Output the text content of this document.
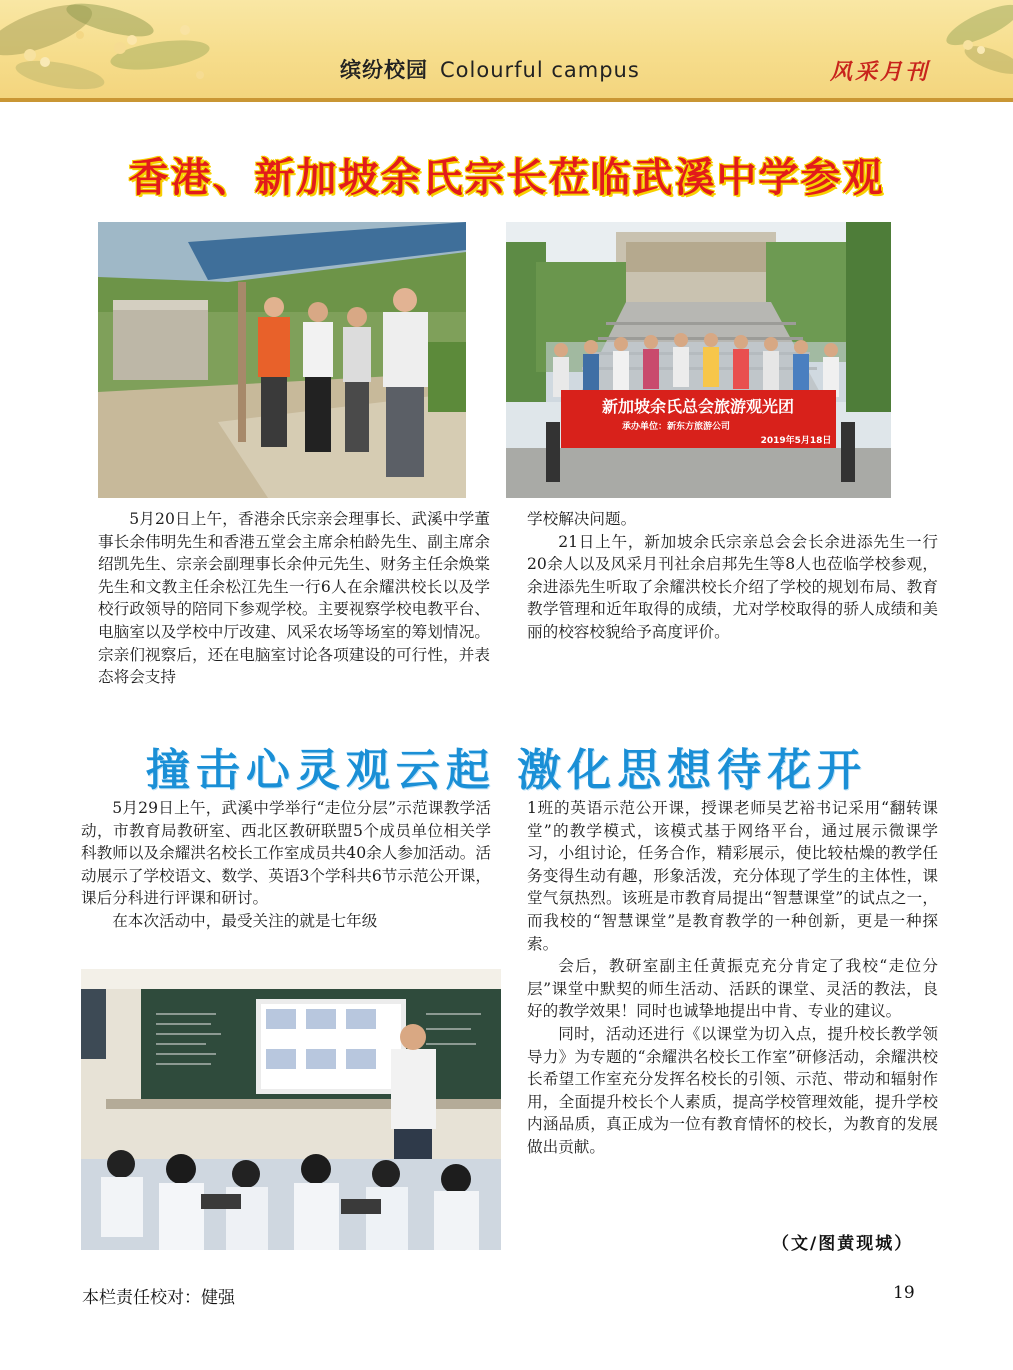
缤纷校园 Colourful campus	风采月刊
香港、新加坡余氏宗长莅临武溪中学参观
新加坡余氏总会旅游观光团
承办单位：新东方旅游公司
2019年5月18日

5月20日上午，香港余氏宗亲会理事长、武溪中学董事长余伟明先生和香港五堂会主席余柏龄先生、副主席余绍凯先生、宗亲会副理事长余仲元先生、财务主任余焕棠先生和文教主任余松江先生一行6人在余耀洪校长以及学校行政领导的陪同下参观学校。主要视察学校电教平台、电脑室以及学校中厅改建、风采农场等场室的筹划情况。宗亲们视察后，还在电脑室讨论各项建设的可行性，并表态将会支持

学校解决问题。

21日上午，新加坡余氏宗亲总会会长余进添先生一行20余人以及风采月刊社余启邦先生等8人也莅临学校参观，余进添先生听取了余耀洪校长介绍了学校的规划布局、教育教学管理和近年取得的成绩，尤对学校取得的骄人成绩和美丽的校容校貌给予高度评价。

撞击心灵观云起 激化思想待花开

5月29日上午，武溪中学举行“走位分层”示范课教学活动，市教育局教研室、西北区教研联盟5个成员单位相关学科教师以及余耀洪名校长工作室成员共40余人参加活动。活动展示了学校语文、数学、英语3个学科共6节示范公开课，课后分科进行评课和研讨。

在本次活动中，最受关注的就是七年级

1班的英语示范公开课，授课老师吴艺裕书记采用“翻转课堂”的教学模式，该模式基于网络平台，通过展示微课学习，小组讨论，任务合作，精彩展示，使比较枯燥的教学任务变得生动有趣，形象活泼，充分体现了学生的主体性，课堂气氛热烈。该班是市教育局提出“智慧课堂”的试点之一，而我校的“智慧课堂”是教育教学的一种创新，更是一种探索。

会后，教研室副主任黄振克充分肯定了我校“走位分层”课堂中默契的师生活动、活跃的课堂、灵活的教法，良好的教学效果！同时也诚挚地提出中肯、专业的建议。

同时，活动还进行《以课堂为切入点，提升校长教学领导力》为专题的“余耀洪名校长工作室”研修活动，余耀洪校长希望工作室充分发挥名校长的引领、示范、带动和辐射作用，全面提升校长个人素质，提高学校管理效能，提升学校内涵品质，真正成为一位有教育情怀的校长，为教育的发展做出贡献。

（文/图黄现城）
本栏责任校对：健强	19
